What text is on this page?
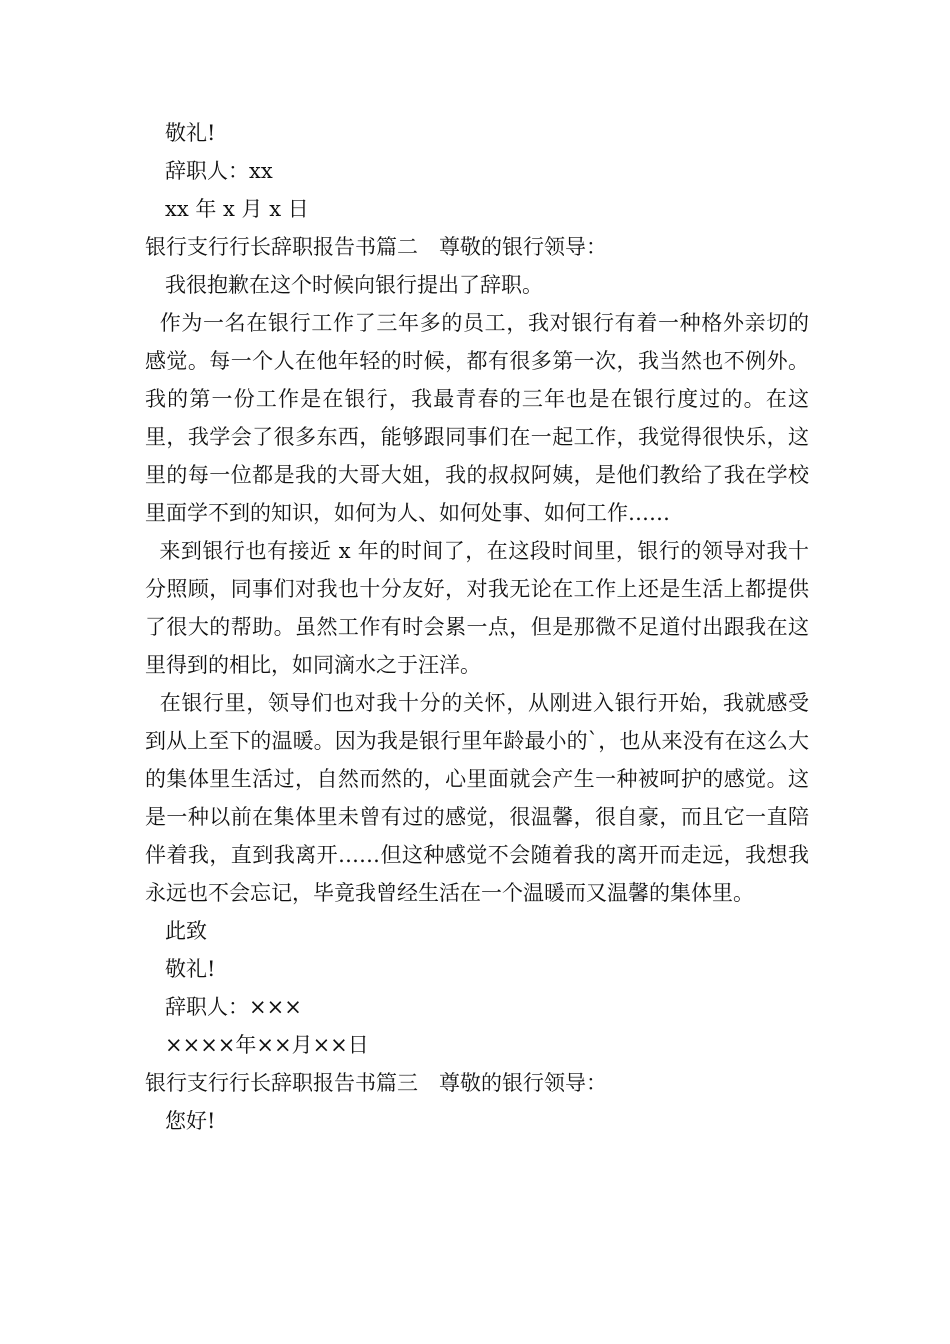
敬礼!
辞职人：xx
xx 年 x 月 x 日
银行支行行长辞职报告书篇二　尊敬的银行领导：
我很抱歉在这个时候向银行提出了辞职。

作为一名在银行工作了三年多的员工，我对银行有着一种格外亲切的感觉。每一个人在他年轻的时候，都有很多第一次，我当然也不例外。我的第一份工作是在银行，我最青春的三年也是在银行度过的。在这里，我学会了很多东西，能够跟同事们在一起工作，我觉得很快乐，这里的每一位都是我的大哥大姐，我的叔叔阿姨，是他们教给了我在学校里面学不到的知识，如何为人、如何处事、如何工作……

来到银行也有接近 x 年的时间了，在这段时间里，银行的领导对我十分照顾，同事们对我也十分友好，对我无论在工作上还是生活上都提供了很大的帮助。虽然工作有时会累一点，但是那微不足道付出跟我在这里得到的相比，如同滴水之于汪洋。

在银行里，领导们也对我十分的关怀，从刚进入银行开始，我就感受到从上至下的温暖。因为我是银行里年龄最小的`，也从来没有在这么大的集体里生活过，自然而然的，心里面就会产生一种被呵护的感觉。这是一种以前在集体里未曾有过的感觉，很温馨，很自豪，而且它一直陪伴着我，直到我离开……但这种感觉不会随着我的离开而走远，我想我永远也不会忘记，毕竟我曾经生活在一个温暖而又温馨的集体里。

此致
敬礼!
辞职人：×××
××××年××月××日
银行支行行长辞职报告书篇三　尊敬的银行领导：
您好!
